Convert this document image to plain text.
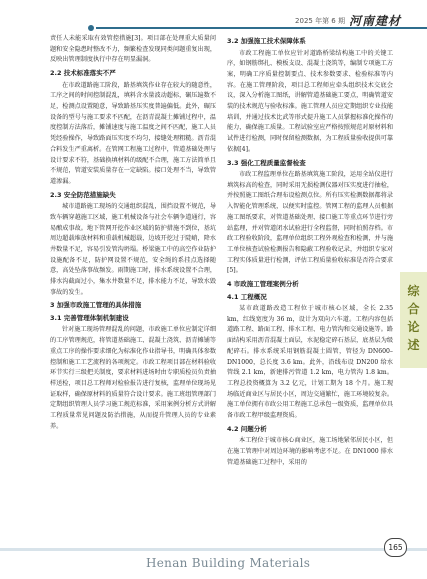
2025 年第 6 期 河南建材

责任人未能采取有效管控措施[3]。项目部在处理重大质量问题和安全隐患时整改不力，频繁检查发现同类问题重复出现，反映出管理制度执行中存在明显漏洞。

2.2 技术标准落实不严

在市政道路施工阶段，路基填筑作业存在较大的随意性，工序之间的时间控制混乱，填料含水量波动超标，碾压遍数不足，检测点设置随意，导致路基压实度普遍偏低。此外，碾压设备的型号与施工要求不匹配，在沥青混凝土摊铺过程中，温度控制方法落后，摊铺速度与施工温度之间不匹配，施工人员凭经验操作，导致路面压实度不均匀，接缝处理粗糙。沥青混合料发生严重离析。在管网工程施工过程中，管道基础处理与设计要求不符，基础换填材料的级配不合理，施工方法简单且不规范，管道安装质量存在一定缺陷。接口处理不当，导致管道渗漏。

2.3 安全防范措施缺失

城市道路施工现场的交通组织混乱，围挡设置不规范，导致车辆穿越施工区域，施工机械设备与社会车辆争道通行，容易酿成事故。地下管网开挖作业区域的防护措施不到位，基坑周边超载堆放材料和重载机械超载，边坡开挖过于陡峭，降水井数量不足，容易引发管沟坍塌。桥梁施工中的高空作业防护设施配备不足，防护网设置不规范，安全绳的系挂点选择随意，高处坠落事故频发。雨期施工时，排水系统设置不合理，排水沟截面过小，集水井数量不足，排水能力不足，导致水毁事故的发生。

3 加强市政施工管理的具体措施
3.1 完善管理体制机制建设

针对施工现场管理混乱的问题，市政施工单位应制定详细的工序管理规范，将管道基础施工、混凝土浇筑、沥青摊铺等重点工序的操作要求细化为标准化作业指导书，明确具体参数控制和施工工艺流程的各项规定。市政工程项目部在材料验收环节实行三级把关制度，要求材料进场时由专职质检员负责抽样送检，项目总工程师对检验报告进行复核，监理单位现场见证取样，确保原材料的质量符合设计要求。施工班组管理部门定期组织管理人员学习施工规范标准，采用案例分析方式讲解工程质量常见问题及防治措施，从而提升管理人员的专业素养。

3.2 加强施工技术保障体系

市政工程施工单位应针对道路桥梁结构施工中的关键工序，如钢筋绑扎、模板支设、混凝土浇筑等，编制专项施工方案，明确工序质量控制要点、技术参数要求、检验标准等内容。在施工管理阶段，项目总工程师应牵头组织技术交底会议，深入分析施工图纸，讲解管道基础施工要点，明确管道安装的技术规范与验收标准。施工管理人员应定期组织专业技能培训，并通过技术比武等形式提升施工人员掌握标准化操作的能力，确保施工质量。工程试验室应严格按照规范对原材料和试件进行检测，同时保留检测数据，为工程质量验收提供可靠依据[4]。

3.3 强化工程质量监督检查

市政工程监理单位在路基填筑施工阶段，运用全站仪进行填筑标高的检查，同时采用无损检测仪器对压实度进行抽检，并按照施工图纸合理布设检测点位。所有压实检测数据都将录入智能化管理系统，以便实时监控。管网工程的监理人员根据施工图纸要求，对管道基础处理、接口施工等重点环节进行旁站监理，并对管道闭水试验进行全程监督，同时拍照存档。市政工程验收阶段，监理单位组织工程外观检查和检测，并与施工单位核查试验检测报告和隐蔽工程验收记录，并组织专家对工程实体质量进行检测，评估工程质量验收标准是否符合要求[5]。

4 市政施工管理案例分析
4.1 工程概况

某市政道路改造工程位于城市核心区域，全长 2.35 km，红线宽度为 36 m，设计为双向六车道。工程内容包括道路工程、路面工程、排水工程、电力管沟和交通设施等。路面结构采用沥青混凝土面层，水泥稳定碎石基层，底基层为级配碎石。排水系统采用钢筋混凝土圆管，管径为 DN600–DN1000，总长度 3.6 km。此外，沿线布设 DN200 给水管线 2.1 km，新建排污管道 1.2 km，电力管沟 1.8 km。工程总投资概算为 3.2 亿元，计划工期为 18 个月。施工现场临近商业区与居民小区，周边交通繁忙，施工环境较复杂。施工单位拥有市政公用工程施工总承包一级资质，监理单位具备市政工程甲级监理资质。

4.2 问题分析

本工程位于城市核心商业区，施工场地紧邻居民小区，但在施工管理中对周边环境的影响考虑不足。在 DN1000 排水管道基础施工过程中，采用的

综
合
论
述
Henan Building Materials
165
